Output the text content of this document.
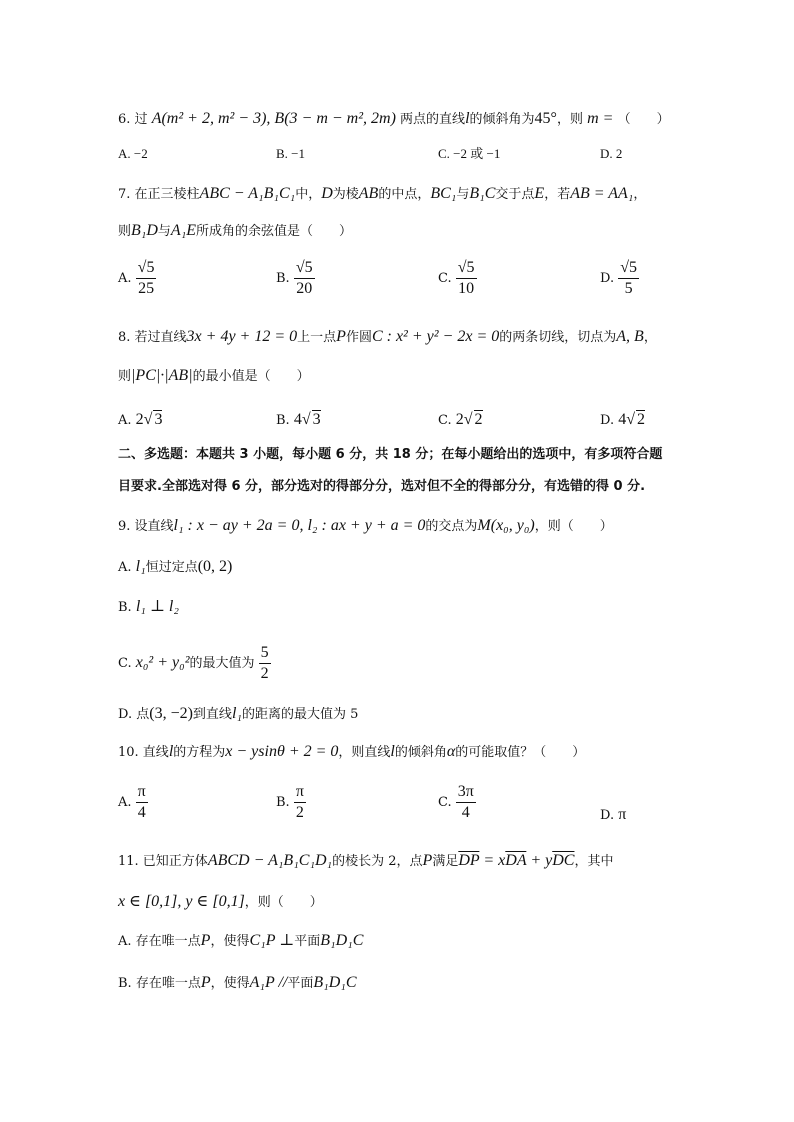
6. 过 A(m² + 2, m² − 3), B(3 − m − m², 2m) 两点的直线l的倾斜角为45°，则 m = （　　）
A. −2	B. −1	C. −2 或 −1	D. 2
7. 在正三棱柱ABC − A₁B₁C₁中，D为棱AB的中点，BC₁与B₁C交于点E，若AB = AA₁，
则B₁D与A₁E所成角的余弦值是（　　）
A. $\frac{√5}{25}$	B. $\frac{√5}{20}$	C. $\frac{√5}{10}$	D. $\frac{√5}{5}$
8. 若过直线3x + 4y + 12 = 0上一点P作圆C : x² + y² − 2x = 0的两条切线，切点为A, B，
则|PC|·|AB|的最小值是（　　）
A. 2√ 3	B. 4√ 3	C. 2√ 2	D. 4√ 2
二、多选题：本题共 3 小题，每小题 6 分，共 18 分；在每小题给出的选项中，有多项符合题
目要求.全部选对得 6 分，部分选对的得部分分，选对但不全的得部分分，有选错的得 0 分.
9. 设直线l₁ : x − ay + 2a = 0, l₂ : ax + y + a = 0的交点为M(x₀, y₀)，则（　　）
A. l₁恒过定点(0, 2)
B. l₁ ⊥ l₂
C. x₀² + y₀²的最大值为 $\frac{5}{2}$
D. 点(3, −2)到直线l₁的距离的最大值为 5
10. 直线l的方程为x − ysinθ + 2 = 0，则直线l的倾斜角α的可能取值？（　　）
A. $\frac{\pi}{4}$	B. $\frac{\pi}{2}$	C. $\frac{3\pi}{4}$	D. π
11. 已知正方体ABCD − A₁B₁C₁D₁的棱长为 2，点P满足$\overline{DP} = x\overline{DA} + y\overline{DC}$，其中
x ∈ [0,1], y ∈ [0,1]，则（　　）
A. 存在唯一点P，使得C₁P ⊥平面B₁D₁C
B. 存在唯一点P，使得A₁P //平面B₁D₁C
